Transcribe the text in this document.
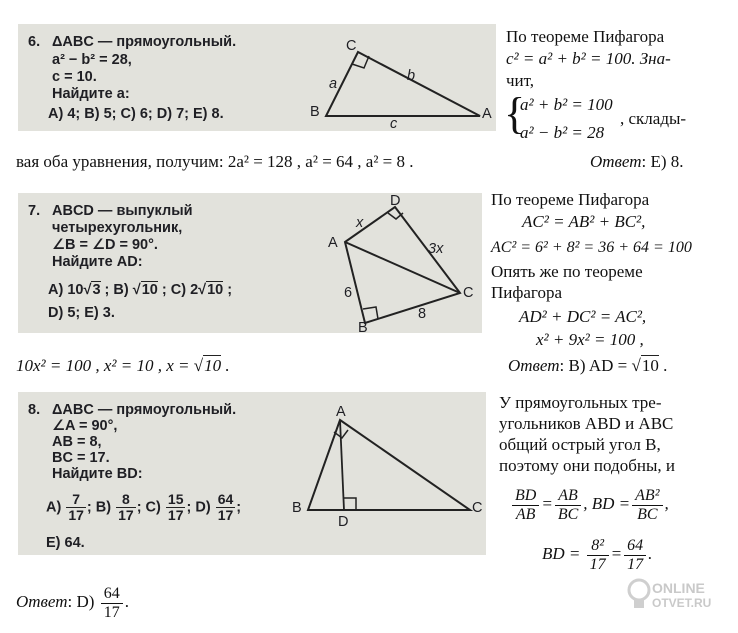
6. ΔABC — прямоугольный.
a² − b² = 28,
c = 10.
Найдите a:
A) 4; B) 5; C) 6; D) 7; E) 8.
C
B	A
a	b
c
По теореме Пифагора
c² = a² + b² = 100. Зна-
чит,
{
a² + b² = 100
a² − b² = 28
, склады-
вая оба уравнения, получим: 2a² = 128 , a² = 64 , a² = 8 .	Ответ: E) 8.
7. ABCD — выпуклый
четырехугольник,
∠B = ∠D = 90°.
Найдите AD:
A) 10√3 ; B) √10 ; C) 2√10 ;
D) 5; E) 3.
D
A
C
B
x
3x
6
8
По теореме Пифагора
AC² = AB² + BC²,
AC² = 6² + 8² = 36 + 64 = 100
Опять же по теореме
Пифагора
AD² + DC² = AC²,
x² + 9x² = 100 ,
10x² = 100 , x² = 10 , x = √10 .	Ответ: B) AD = √10 .
8. ΔABC — прямоугольный.
∠A = 90°,
AB = 8,
BC = 17.
Найдите BD:
$A) \frac{7}{17}$ ; $B) \frac{8}{17}$ ; $C) \frac{15}{17}$ ; $D) \frac{64}{17}$ ;
E) 64.
A
B	C
D
У прямоугольных тре-
угольников ABD и ABC
общий острый угол B,
поэтому они подобны, и
$\frac{BD}{AB} = \frac{AB}{BC}$ , BD = $\frac{\text{AB²}}{BC}$ ,
BD = $\frac{\text{8²}}{17} = \frac{64}{17}$ .
Ответ: $D) \frac{64}{17}$ .
ONLINE
OTVET.RU
